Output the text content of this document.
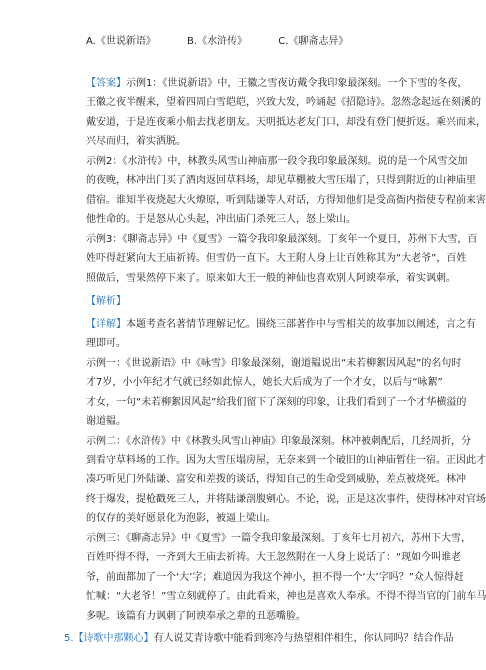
A.《世说新语》	B.《水浒传》	C.《聊斋志异》
【答案】示例1：《世说新语》中，王徽之雪夜访戴令我印象最深刻。一个下雪的冬夜，
王徽之夜半醒来，望着四周白雪皑皑，兴致大发，吟诵起《招隐诗》。忽然念起远在刻溪的
戴安道，于是连夜乘小船去找老朋友。天明抵达老友门口，却没有登门便折返。乘兴而来，
兴尽而归，着实洒脱。
示例2：《水浒传》中，林教头风雪山神庙那一段令我印象最深刻。说的是一个风雪交加
的夜晚，林冲出门买了酒肉返回草料场，却见草棚被大雪压塌了，只得到附近的山神庙里
借宿。谁知半夜烧起大火燎原，听到陆谦等人对话，方得知他们是受高衙内指使专程前来害
他性命的。于是怒从心头起，冲出庙门杀死三人，怒上梁山。
示例3：《聊斋志异》中《夏雪》一篇令我印象最深刻。丁亥年一个夏日，苏州下大雪，百
姓吓得赶紧向大王庙祈祷。但雪仍一直下。大王附人身上让百姓称其为“大老爷”，百姓
照做后，雪果然停下来了。原来如大王一般的神仙也喜欢别人阿谀奉承，着实讽刺。
【解析】
【详解】本题考查名著情节理解记忆。围绕三部著作中与雪相关的故事加以阐述，言之有
理即可。
示例一：《世说新语》中《咏雪》印象最深刻，谢道韫说出“未若柳絮因风起”的名句时
才7岁，小小年纪才气就已经如此惊人，她长大后成为了一个才女，以后与“咏絮”
才女，一句“未若柳絮因风起”给我们留下了深刻的印象，让我们看到了一个才华横溢的
谢道韫。
示例二：《水浒传》中《林教头风雪山神庙》印象最深刻。林冲被刺配后，几经周折，分
到看守草料场的工作。因为大雪压塌房屋，无奈来到一个破旧的山神庙暂住一宿。正因此才
凑巧听见门外陆谦、富安和差拨的谈话，得知自己的生命受到威胁，差点被烧死。林冲
终于爆发，提枪戳死三人，并将陆谦剖腹剜心。不论，说，正是这次事件，使得林冲对官场
的仅存的美好愿景化为泡影，被逼上梁山。
示例三：《聊斋志异》中《夏雪》一篇令我印象最深刻。丁亥年七月初六，苏州下大雪，
百姓吓得不得，一齐到大王庙去祈祷。大王忽然附在一人身上说话了：“现如今叫谁老
爷，前面都加了一个‘大’字；难道因为我这个神小，担不得一个‘大’字吗？”众人惊得赶
忙喊：“大老爷！”雪立刻就停了。由此看来，神也是喜欢人奉承。不得不得当官的门前车马
多呢。该篇有力讽刺了阿谀奉承之辈的丑恶嘴脸。
5.【诗歌中那颗心】有人说艾青诗歌中能看到寒冷与热望相伴相生，你认同吗？结合作品
